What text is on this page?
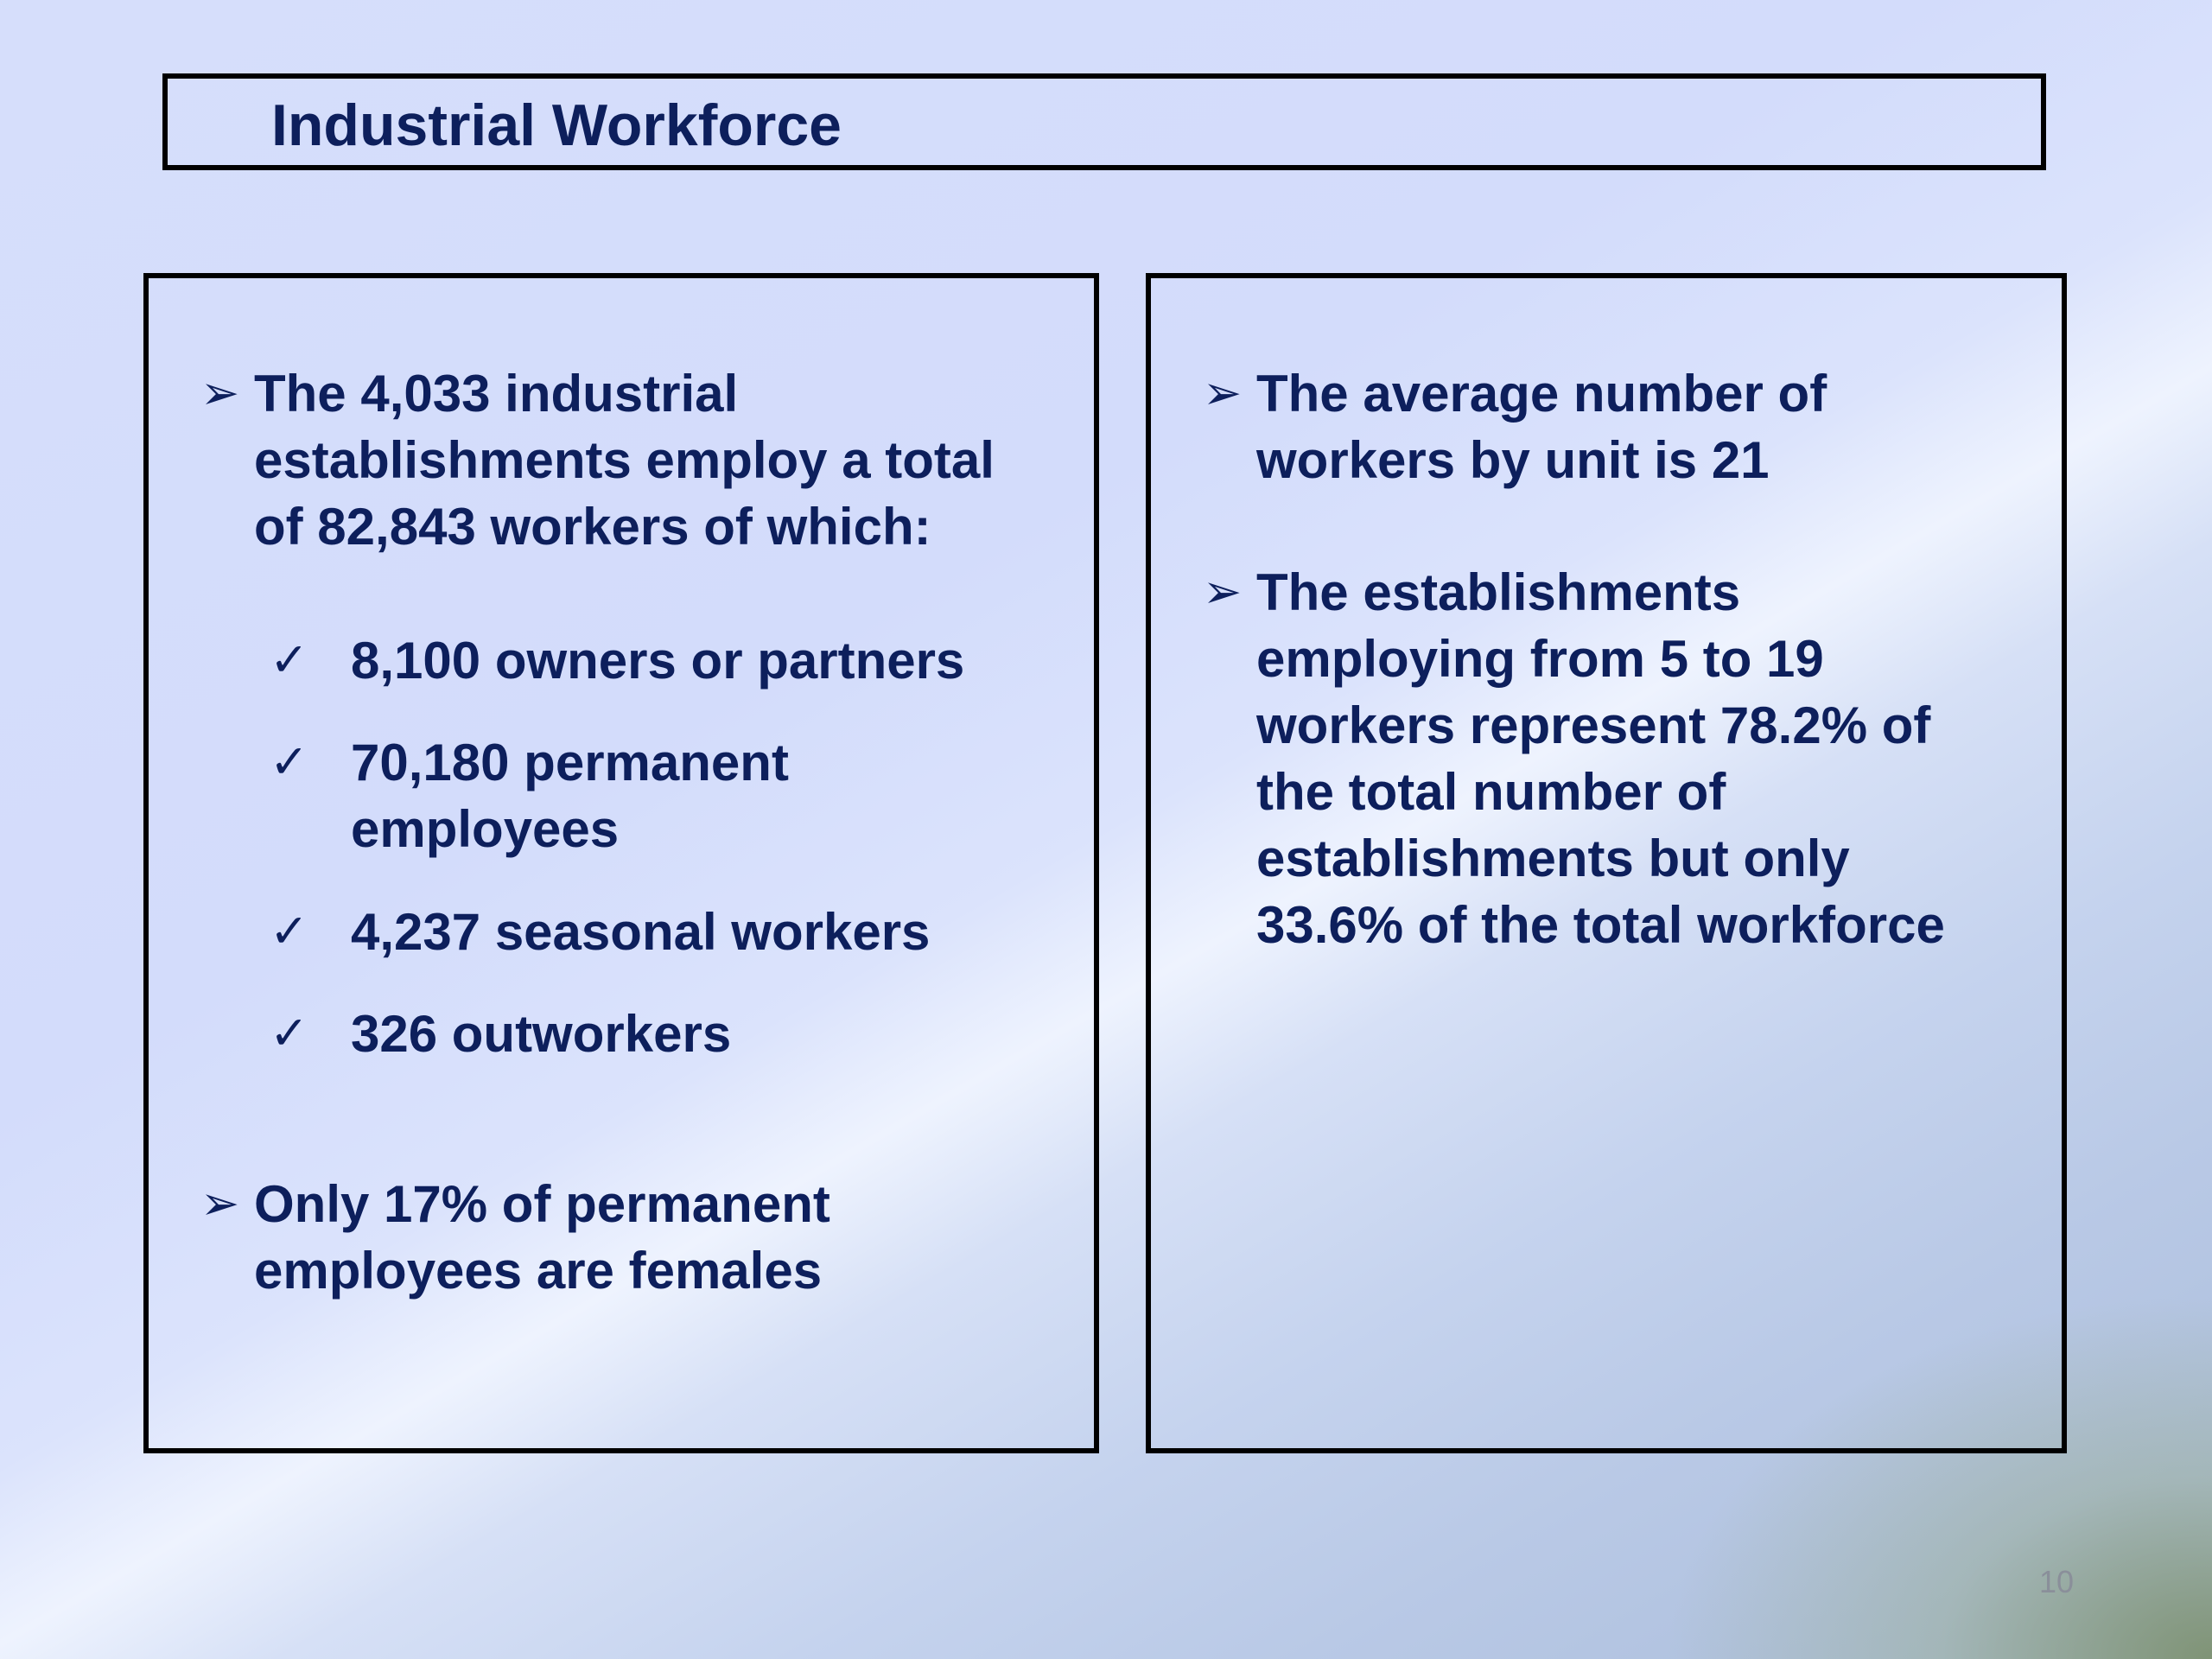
Industrial Workforce
➢ The 4,033 industrial
establishments employ a total
of 82,843 workers of which:
✓ 8,100 owners or partners
✓ 70,180 permanent
employees
✓ 4,237 seasonal workers
✓ 326 outworkers
➢ Only 17% of permanent
employees are females
➢ The average number of
workers by unit is 21
➢ The establishments
employing from 5 to 19
workers represent 78.2% of
the total number of
establishments but only
33.6% of the total workforce
10
